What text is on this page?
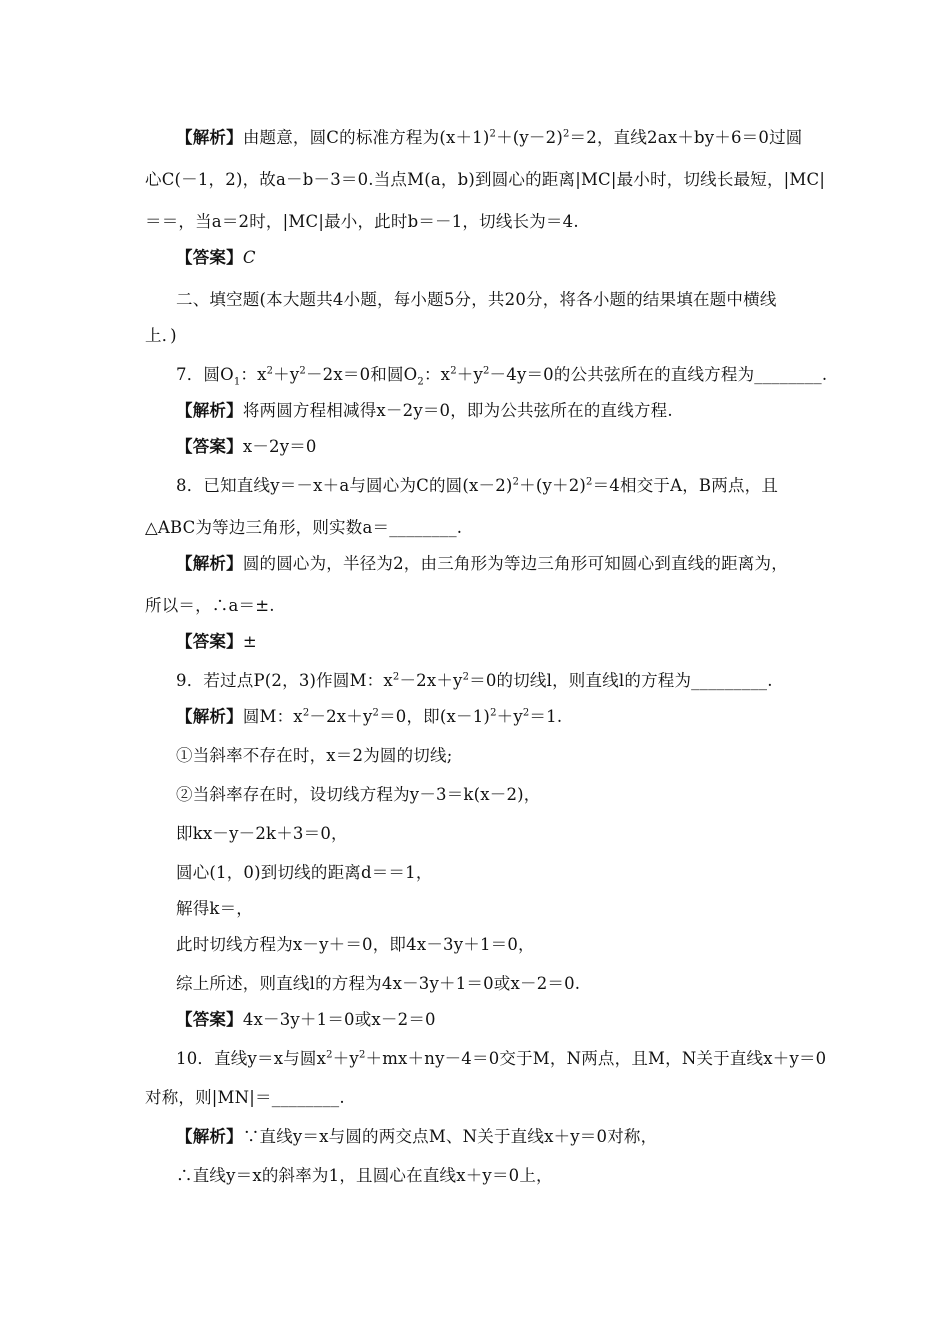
【解析】由题意，圆C的标准方程为$(x+1)^2+(y-2)^2=2$，直线2ax＋by＋6＝0过圆
心C(－1，2)，故a－b－3＝0.当点M(a，b)到圆心的距离|MC|最小时，切线长最短，|MC|
＝＝，当a＝2时，|MC|最小，此时b＝－1，切线长为＝4.
【答案】C
二、填空题(本大题共4小题，每小题5分，共20分，将各小题的结果填在题中横线
上．)
7．圆$O_1$：$x^2+y^2-2x=0$和圆$O_2$：$x^2+y^2-4y=0$的公共弦所在的直线方程为________.
【解析】将两圆方程相减得x－2y＝0，即为公共弦所在的直线方程.
【答案】x－2y＝0
8．已知直线y＝－x＋a与圆心为C的圆$(x-2)^2+(y+2)^2=4$相交于A，B两点，且
△ABC为等边三角形，则实数a＝________.
【解析】圆的圆心为，半径为2，由三角形为等边三角形可知圆心到直线的距离为，
所以＝，∴a＝±.
【答案】±
9．若过点P(2，3)作圆M：$x^2-2x+y^2=0$的切线l，则直线l的方程为_________.
【解析】圆M：$x^2-2x+y^2=0$，即$(x-1)^2+y^2=1$.
①当斜率不存在时，x＝2为圆的切线;
②当斜率存在时，设切线方程为y－3＝k(x－2)，
即kx－y－2k＋3＝0，
圆心(1，0)到切线的距离d＝＝1，
解得k＝，
此时切线方程为x－y＋＝0，即4x－3y＋1＝0，
综上所述，则直线l的方程为4x－3y＋1＝0或x－2＝0.
【答案】4x－3y＋1＝0或x－2＝0
10．直线y＝x与圆$x^2+y^2+mx+ny-4=0$交于M，N两点，且M，N关于直线x＋y＝0
对称，则|MN|＝________.
【解析】∵直线y＝x与圆的两交点M、N关于直线x＋y＝0对称，
∴直线y＝x的斜率为1，且圆心在直线x＋y＝0上，
